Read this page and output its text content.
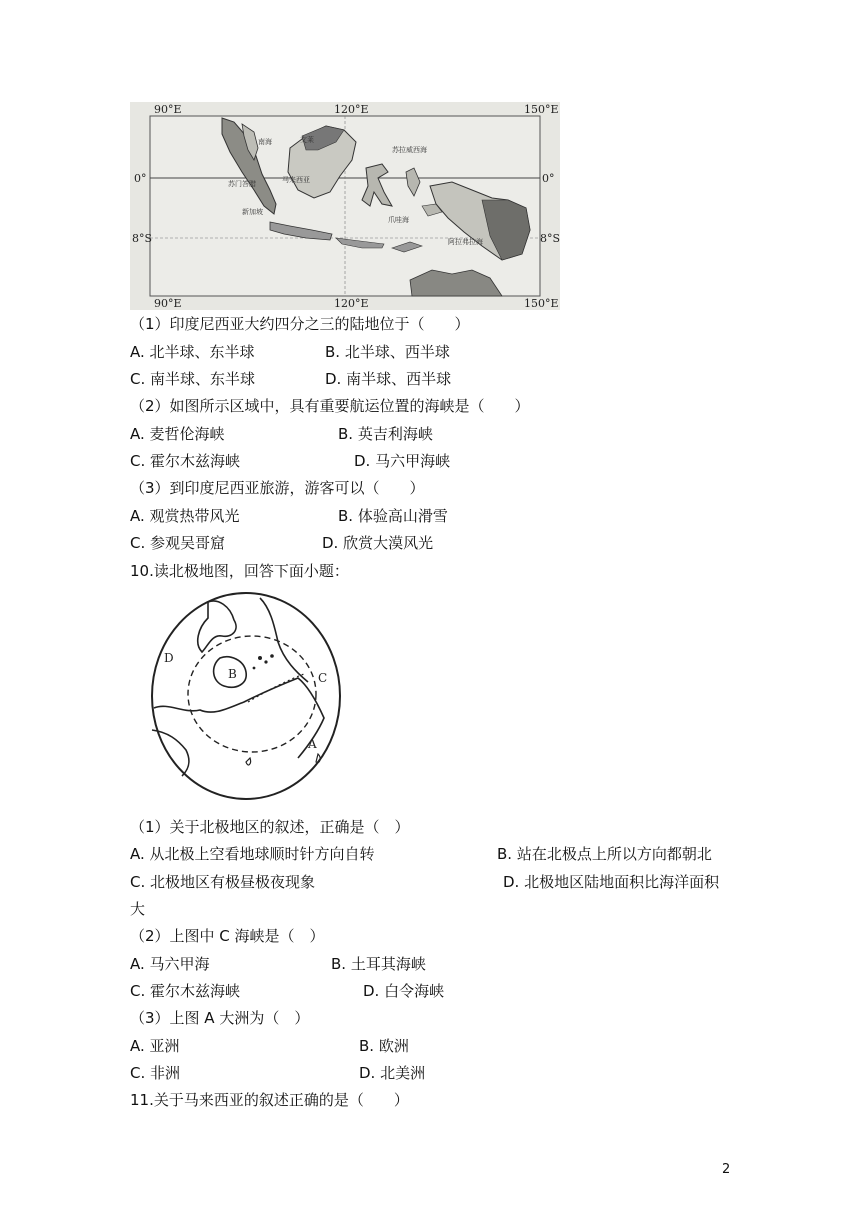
南海	文莱
苏拉威西海
马来西亚
爪哇海
阿拉弗拉海
苏门答腊
新加坡
90°E	120°E	150°E
90°E	120°E	150°E
0°
8°S
0°
8°S
（1）印度尼西亚大约四分之三的陆地位于（　　）
A. 北半球、东半球	B. 北半球、西半球
C. 南半球、东半球	D. 南半球、西半球
（2）如图所示区域中，具有重要航运位置的海峡是（　　）
A. 麦哲伦海峡	B. 英吉利海峡
C. 霍尔木兹海峡	D. 马六甲海峡
（3）到印度尼西亚旅游，游客可以（　　）
A. 观赏热带风光	B. 体验高山滑雪
C. 参观吴哥窟	D. 欣赏大漠风光
10.读北极地图，回答下面小题：
D
B	C
A
（1）关于北极地区的叙述，正确是（　）
A. 从北极上空看地球顺时针方向自转	B. 站在北极点上所以方向都朝北
C. 北极地区有极昼极夜现象	D. 北极地区陆地面积比海洋面积
大
（2）上图中 C 海峡是（　）
A. 马六甲海	B. 土耳其海峡
C. 霍尔木兹海峡	D. 白令海峡
（3）上图 A 大洲为（　）
A. 亚洲	B. 欧洲
C. 非洲	D. 北美洲
11.关于马来西亚的叙述正确的是（　　）
2
